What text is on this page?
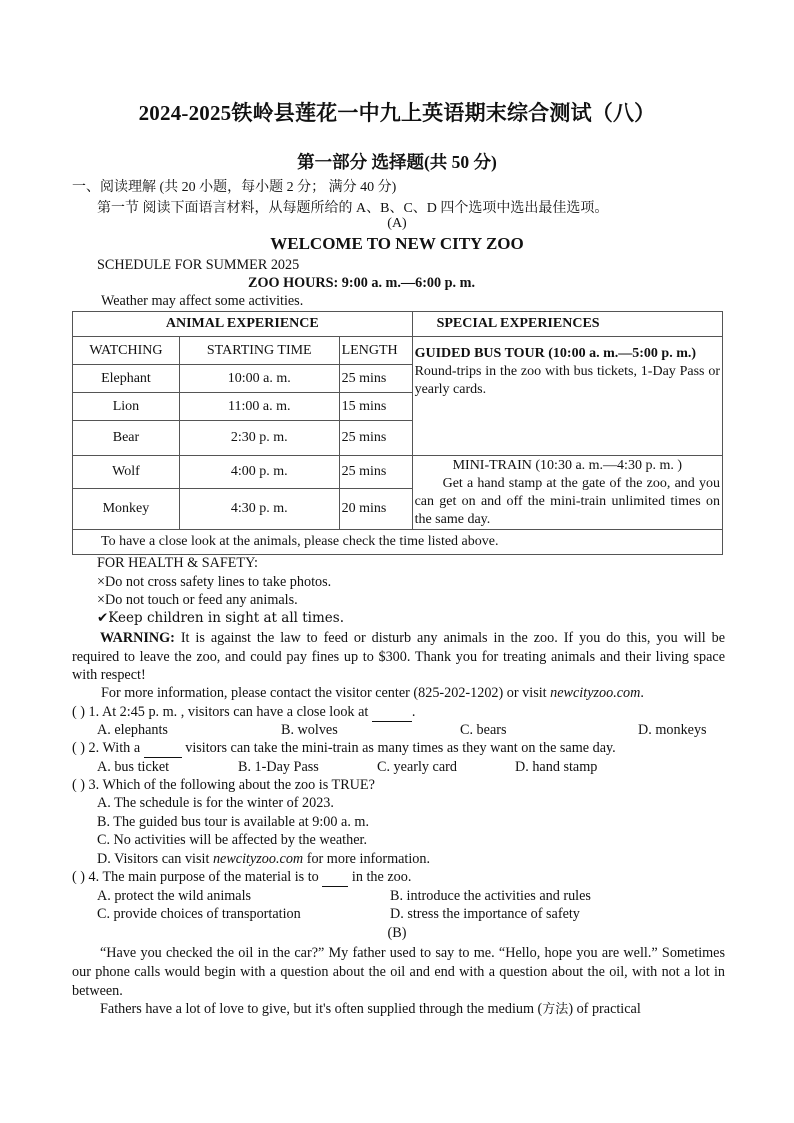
2024-2025铁岭县莲花一中九上英语期末综合测试（八）
第一部分 选择题(共 50 分)
一、阅读理解 (共 20 小题，每小题 2 分； 满分 40 分)
第一节 阅读下面语言材料，从每题所给的 A、B、C、D 四个选项中选出最佳选项。
(A)
WELCOME TO NEW CITY ZOO
SCHEDULE FOR SUMMER 2025
ZOO HOURS: 9:00 a. m.—6:00 p. m.
Weather may affect some activities.
ANIMAL EXPERIENCE			SPECIAL EXPERIENCES
WATCHING	STARTING TIME	LENGTH	GUIDED BUS TOUR (10:00 a. m.—5:00 p. m.)
Round-trips in the zoo with bus tickets, 1-Day Pass or yearly cards.

Elephant	10:00 a. m.	25 mins	
Lion	11:00 a. m.	15 mins	
Bear	2:30 p. m.	25 mins	
Wolf	4:00 p. m.	25 mins	MINI-TRAIN (10:30 a. m.—4:30 p. m. )
Get a hand stamp at the gate of the zoo, and you can get on and off the mini-train unlimited times on the same day.

Monkey	4:30 p. m.	20 mins	
To have a close look at the animals, please check the time listed above.			
FOR HEALTH & SAFETY:
×Do not cross safety lines to take photos.
×Do not touch or feed any animals.
✔Keep children in sight at all times.
WARNING: It is against the law to feed or disturb any animals in the zoo. If you do this, you will be required to leave the zoo, and could pay fines up to $300. Thank you for treating animals and their living space with respect!
For more information, please contact the visitor center (825-202-1202) or visit newcityzoo.com.
( ) 1. At 2:45 p. m. , visitors can have a close look at	.
A. elephants	B. wolves	C. bears	D. monkeys
( ) 2. With a	visitors can take the mini-train as many times as they want on the same day.
A. bus ticket	B. 1-Day Pass	C. yearly card	D. hand stamp
( ) 3. Which of the following about the zoo is TRUE?
A. The schedule is for the winter of 2023.
B. The guided bus tour is available at 9:00 a. m.
C. No activities will be affected by the weather.
D. Visitors can visit newcityzoo.com for more information.
( ) 4. The main purpose of the material is to in the zoo.
A. protect the wild animals	B. introduce the activities and rules
C. provide choices of transportation	D. stress the importance of safety
(B)
“Have you checked the oil in the car?” My father used to say to me. “Hello, hope you are well.” Sometimes our phone calls would begin with a question about the oil and end with a question about the oil, with not a lot in between.
Fathers have a lot of love to give, but it's often supplied through the medium (方法) of practical
